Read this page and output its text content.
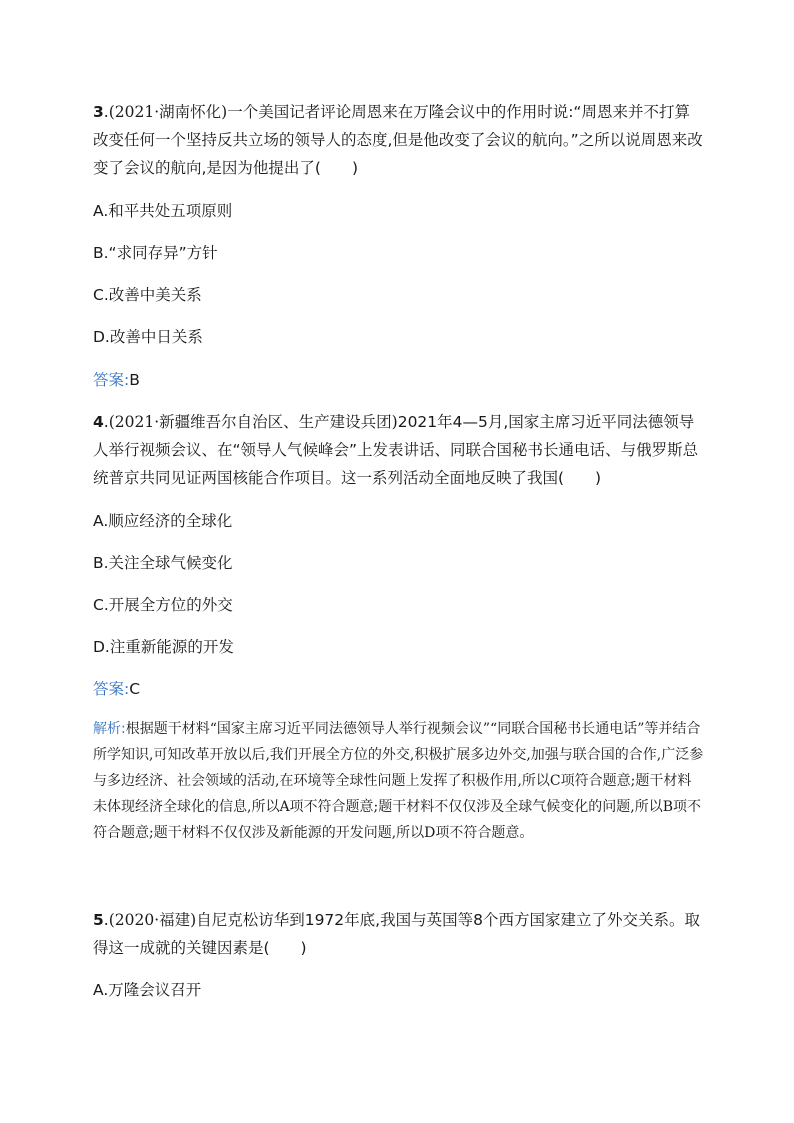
3.(2021·湖南怀化)一个美国记者评论周恩来在万隆会议中的作用时说:“周恩来并不打算改变任何一个坚持反共立场的领导人的态度,但是他改变了会议的航向。”之所以说周恩来改变了会议的航向,是因为他提出了(　　)
A.和平共处五项原则
B.“求同存异”方针
C.改善中美关系
D.改善中日关系
答案:B
4.(2021·新疆维吾尔自治区、生产建设兵团)2021年4—5月,国家主席习近平同法德领导人举行视频会议、在“领导人气候峰会”上发表讲话、同联合国秘书长通电话、与俄罗斯总统普京共同见证两国核能合作项目。这一系列活动全面地反映了我国(　　)
A.顺应经济的全球化
B.关注全球气候变化
C.开展全方位的外交
D.注重新能源的开发
答案:C
解析:根据题干材料“国家主席习近平同法德领导人举行视频会议”“同联合国秘书长通电话”等并结合所学知识,可知改革开放以后,我们开展全方位的外交,积极扩展多边外交,加强与联合国的合作,广泛参与多边经济、社会领域的活动,在环境等全球性问题上发挥了积极作用,所以C项符合题意;题干材料未体现经济全球化的信息,所以A项不符合题意;题干材料不仅仅涉及全球气候变化的问题,所以B项不符合题意;题干材料不仅仅涉及新能源的开发问题,所以D项不符合题意。
5.(2020·福建)自尼克松访华到1972年底,我国与英国等8个西方国家建立了外交关系。取得这一成就的关键因素是(　　)
A.万隆会议召开
